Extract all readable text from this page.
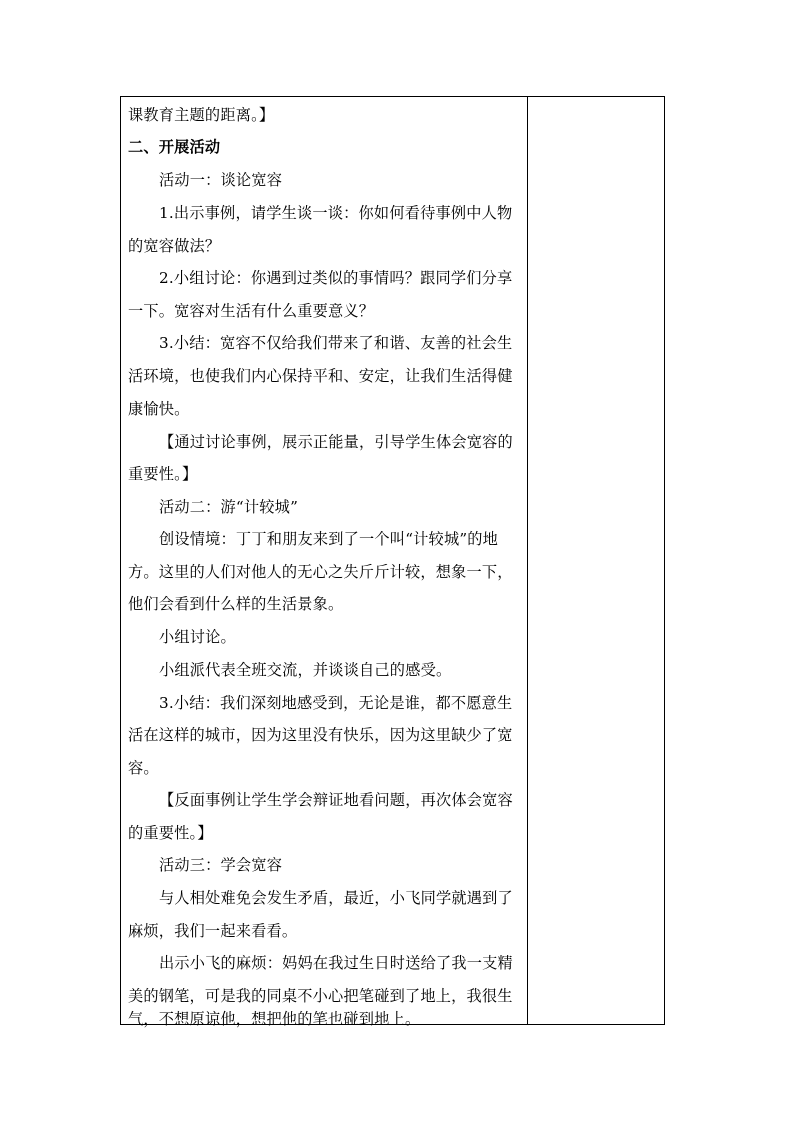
课教育主题的距离。】
二、开展活动
活动一：谈论宽容
1.出示事例，请学生谈一谈：你如何看待事例中人物
的宽容做法？
2.小组讨论：你遇到过类似的事情吗？跟同学们分享
一下。宽容对生活有什么重要意义？
3.小结：宽容不仅给我们带来了和谐、友善的社会生
活环境，也使我们内心保持平和、安定，让我们生活得健
康愉快。
【通过讨论事例，展示正能量，引导学生体会宽容的
重要性。】
活动二：游“计较城”
创设情境：丁丁和朋友来到了一个叫“计较城”的地
方。这里的人们对他人的无心之失斤斤计较，想象一下，
他们会看到什么样的生活景象。
小组讨论。
小组派代表全班交流，并谈谈自己的感受。
3.小结：我们深刻地感受到，无论是谁，都不愿意生
活在这样的城市，因为这里没有快乐，因为这里缺少了宽
容。
【反面事例让学生学会辩证地看问题，再次体会宽容
的重要性。】
活动三：学会宽容
与人相处难免会发生矛盾，最近，小飞同学就遇到了
麻烦，我们一起来看看。
出示小飞的麻烦：妈妈在我过生日时送给了我一支精
美的钢笔，可是我的同桌不小心把笔碰到了地上，我很生
气，不想原谅他，想把他的笔也碰到地上。
